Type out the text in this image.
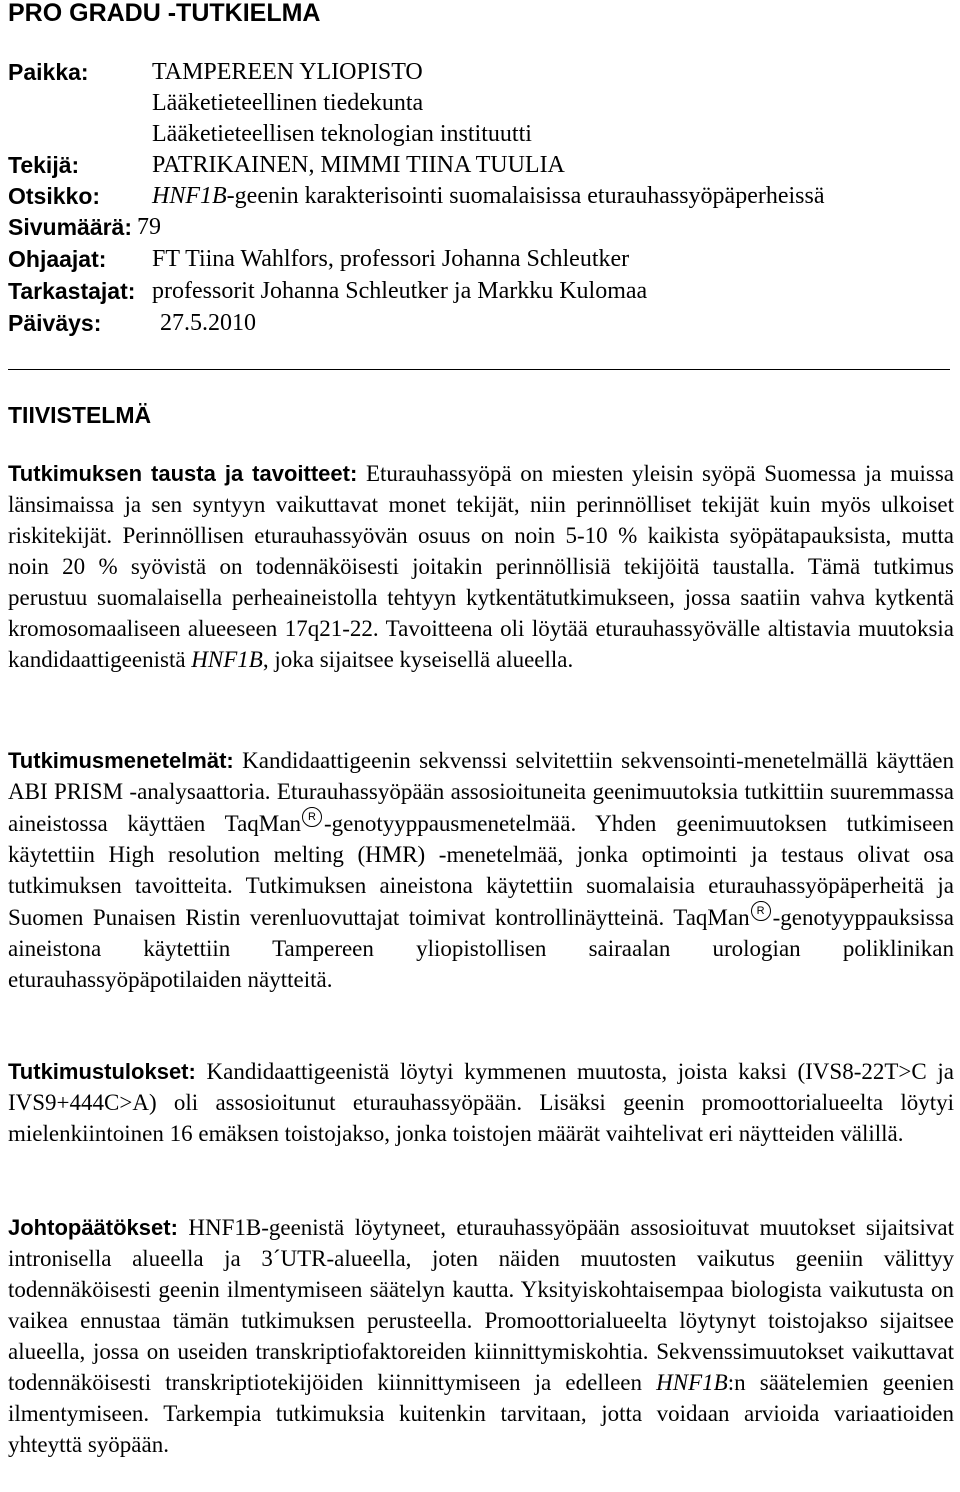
PRO GRADU -TUTKIELMA
Paikka:	TAMPEREEN YLIOPISTO
Lääketieteellinen tiedekunta
Lääketieteellisen teknologian instituutti
Tekijä:	PATRIKAINEN, MIMMI TIINA TUULIA
Otsikko: HNF1B-geenin karakterisointi suomalaisissa eturauhassyöpäperheissä
Sivumäärä: 79
Ohjaajat: FT Tiina Wahlfors, professori Johanna Schleutker
Tarkastajat: professorit Johanna Schleutker ja Markku Kulomaa
Päiväys: 27.5.2010
TIIVISTELMÄ

Tutkimuksen tausta ja tavoitteet: Eturauhassyöpä on miesten yleisin syöpä Suomessa ja muissa länsimaissa ja sen syntyyn vaikuttavat monet tekijät, niin perinnölliset tekijät kuin myös ulkoiset riskitekijät. Perinnöllisen eturauhassyövän osuus on noin 5-10 % kaikista syöpätapauksista, mutta noin 20 % syövistä on todennäköisesti joitakin perinnöllisiä tekijöitä taustalla. Tämä tutkimus perustuu suomalaisella perheaineistolla tehtyyn kytkentätutkimukseen, jossa saatiin vahva kytkentä kromosomaaliseen alueeseen 17q21-22. Tavoitteena oli löytää eturauhassyövälle altistavia muutoksia kandidaattigeenistä HNF1B, joka sijaitsee kyseisellä alueella.

Tutkimusmenetelmät: Kandidaattigeenin sekvenssi selvitettiin sekvensointi-menetelmällä käyttäen ABI PRISM -analysaattoria. Eturauhassyöpään assosioituneita geenimuutoksia tutkittiin suuremmassa aineistossa käyttäen TaqMan R -genotyyppausmenetelmää. Yhden geenimuutoksen tutkimiseen käytettiin High resolution melting (HMR) -menetelmää, jonka optimointi ja testaus olivat osa tutkimuksen tavoitteita. Tutkimuksen aineistona käytettiin suomalaisia eturauhassyöpäperheitä ja Suomen Punaisen Ristin verenluovuttajat toimivat kontrollinäytteinä. TaqMan R -genotyyppauksissa aineistona käytettiin Tampereen yliopistollisen sairaalan urologian poliklinikan eturauhassyöpäpotilaiden näytteitä.

Tutkimustulokset: Kandidaattigeenistä löytyi kymmenen muutosta, joista kaksi (IVS8-22T>C ja IVS9+444C>A) oli assosioitunut eturauhassyöpään. Lisäksi geenin promoottorialueelta löytyi mielenkiintoinen 16 emäksen toistojakso, jonka toistojen määrät vaihtelivat eri näytteiden välillä.

Johtopäätökset: HNF1B-geenistä löytyneet, eturauhassyöpään assosioituvat muutokset sijaitsivat intronisella alueella ja 3´UTR-alueella, joten näiden muutosten vaikutus geeniin välittyy todennäköisesti geenin ilmentymiseen säätelyn kautta. Yksityiskohtaisempaa biologista vaikutusta on vaikea ennustaa tämän tutkimuksen perusteella. Promoottorialueelta löytynyt toistojakso sijaitsee alueella, jossa on useiden transkriptiofaktoreiden kiinnittymiskohtia. Sekvenssimuutokset vaikuttavat todennäköisesti transkriptiotekijöiden kiinnittymiseen ja edelleen HNF1B:n säätelemien geenien ilmentymiseen. Tarkempia tutkimuksia kuitenkin tarvitaan, jotta voidaan arvioida variaatioiden yhteyttä syöpään.
